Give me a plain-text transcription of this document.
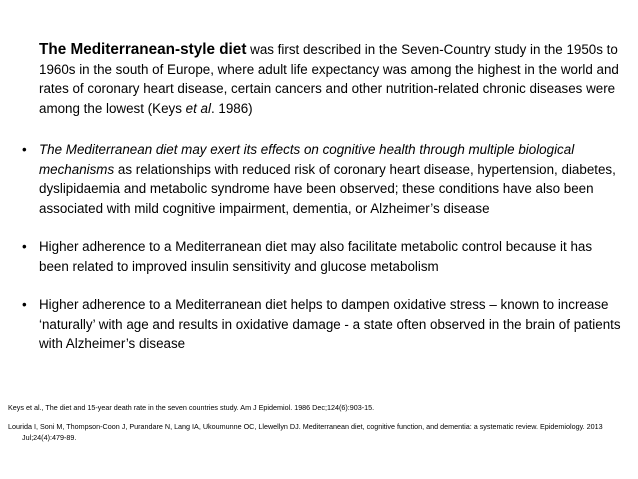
The Mediterranean-style diet was first described in the Seven-Country study in the 1950s to 1960s in the south of Europe, where adult life expectancy was among the highest in the world and rates of coronary heart disease, certain cancers and other nutrition-related chronic diseases were among the lowest (Keys et al. 1986)

• The Mediterranean diet may exert its effects on cognitive health through multiple biological mechanisms as relationships with reduced risk of coronary heart disease, hypertension, diabetes, dyslipidaemia and metabolic syndrome have been observed; these conditions have also been associated with mild cognitive impairment, dementia, or Alzheimer’s disease
• Higher adherence to a Mediterranean diet may also facilitate metabolic control because it has been related to improved insulin sensitivity and glucose metabolism
• Higher adherence to a Mediterranean diet helps to dampen oxidative stress – known to increase ‘naturally’ with age and results in oxidative damage - a state often observed in the brain of patients with Alzheimer’s disease
Keys et al., The diet and 15-year death rate in the seven countries study. Am J Epidemiol. 1986 Dec;124(6):903-15.
Lourida I, Soni M, Thompson-Coon J, Purandare N, Lang IA, Ukoumunne OC, Llewellyn DJ. Mediterranean diet, cognitive function, and dementia: a systematic review. Epidemiology. 2013 Jul;24(4):479-89.
